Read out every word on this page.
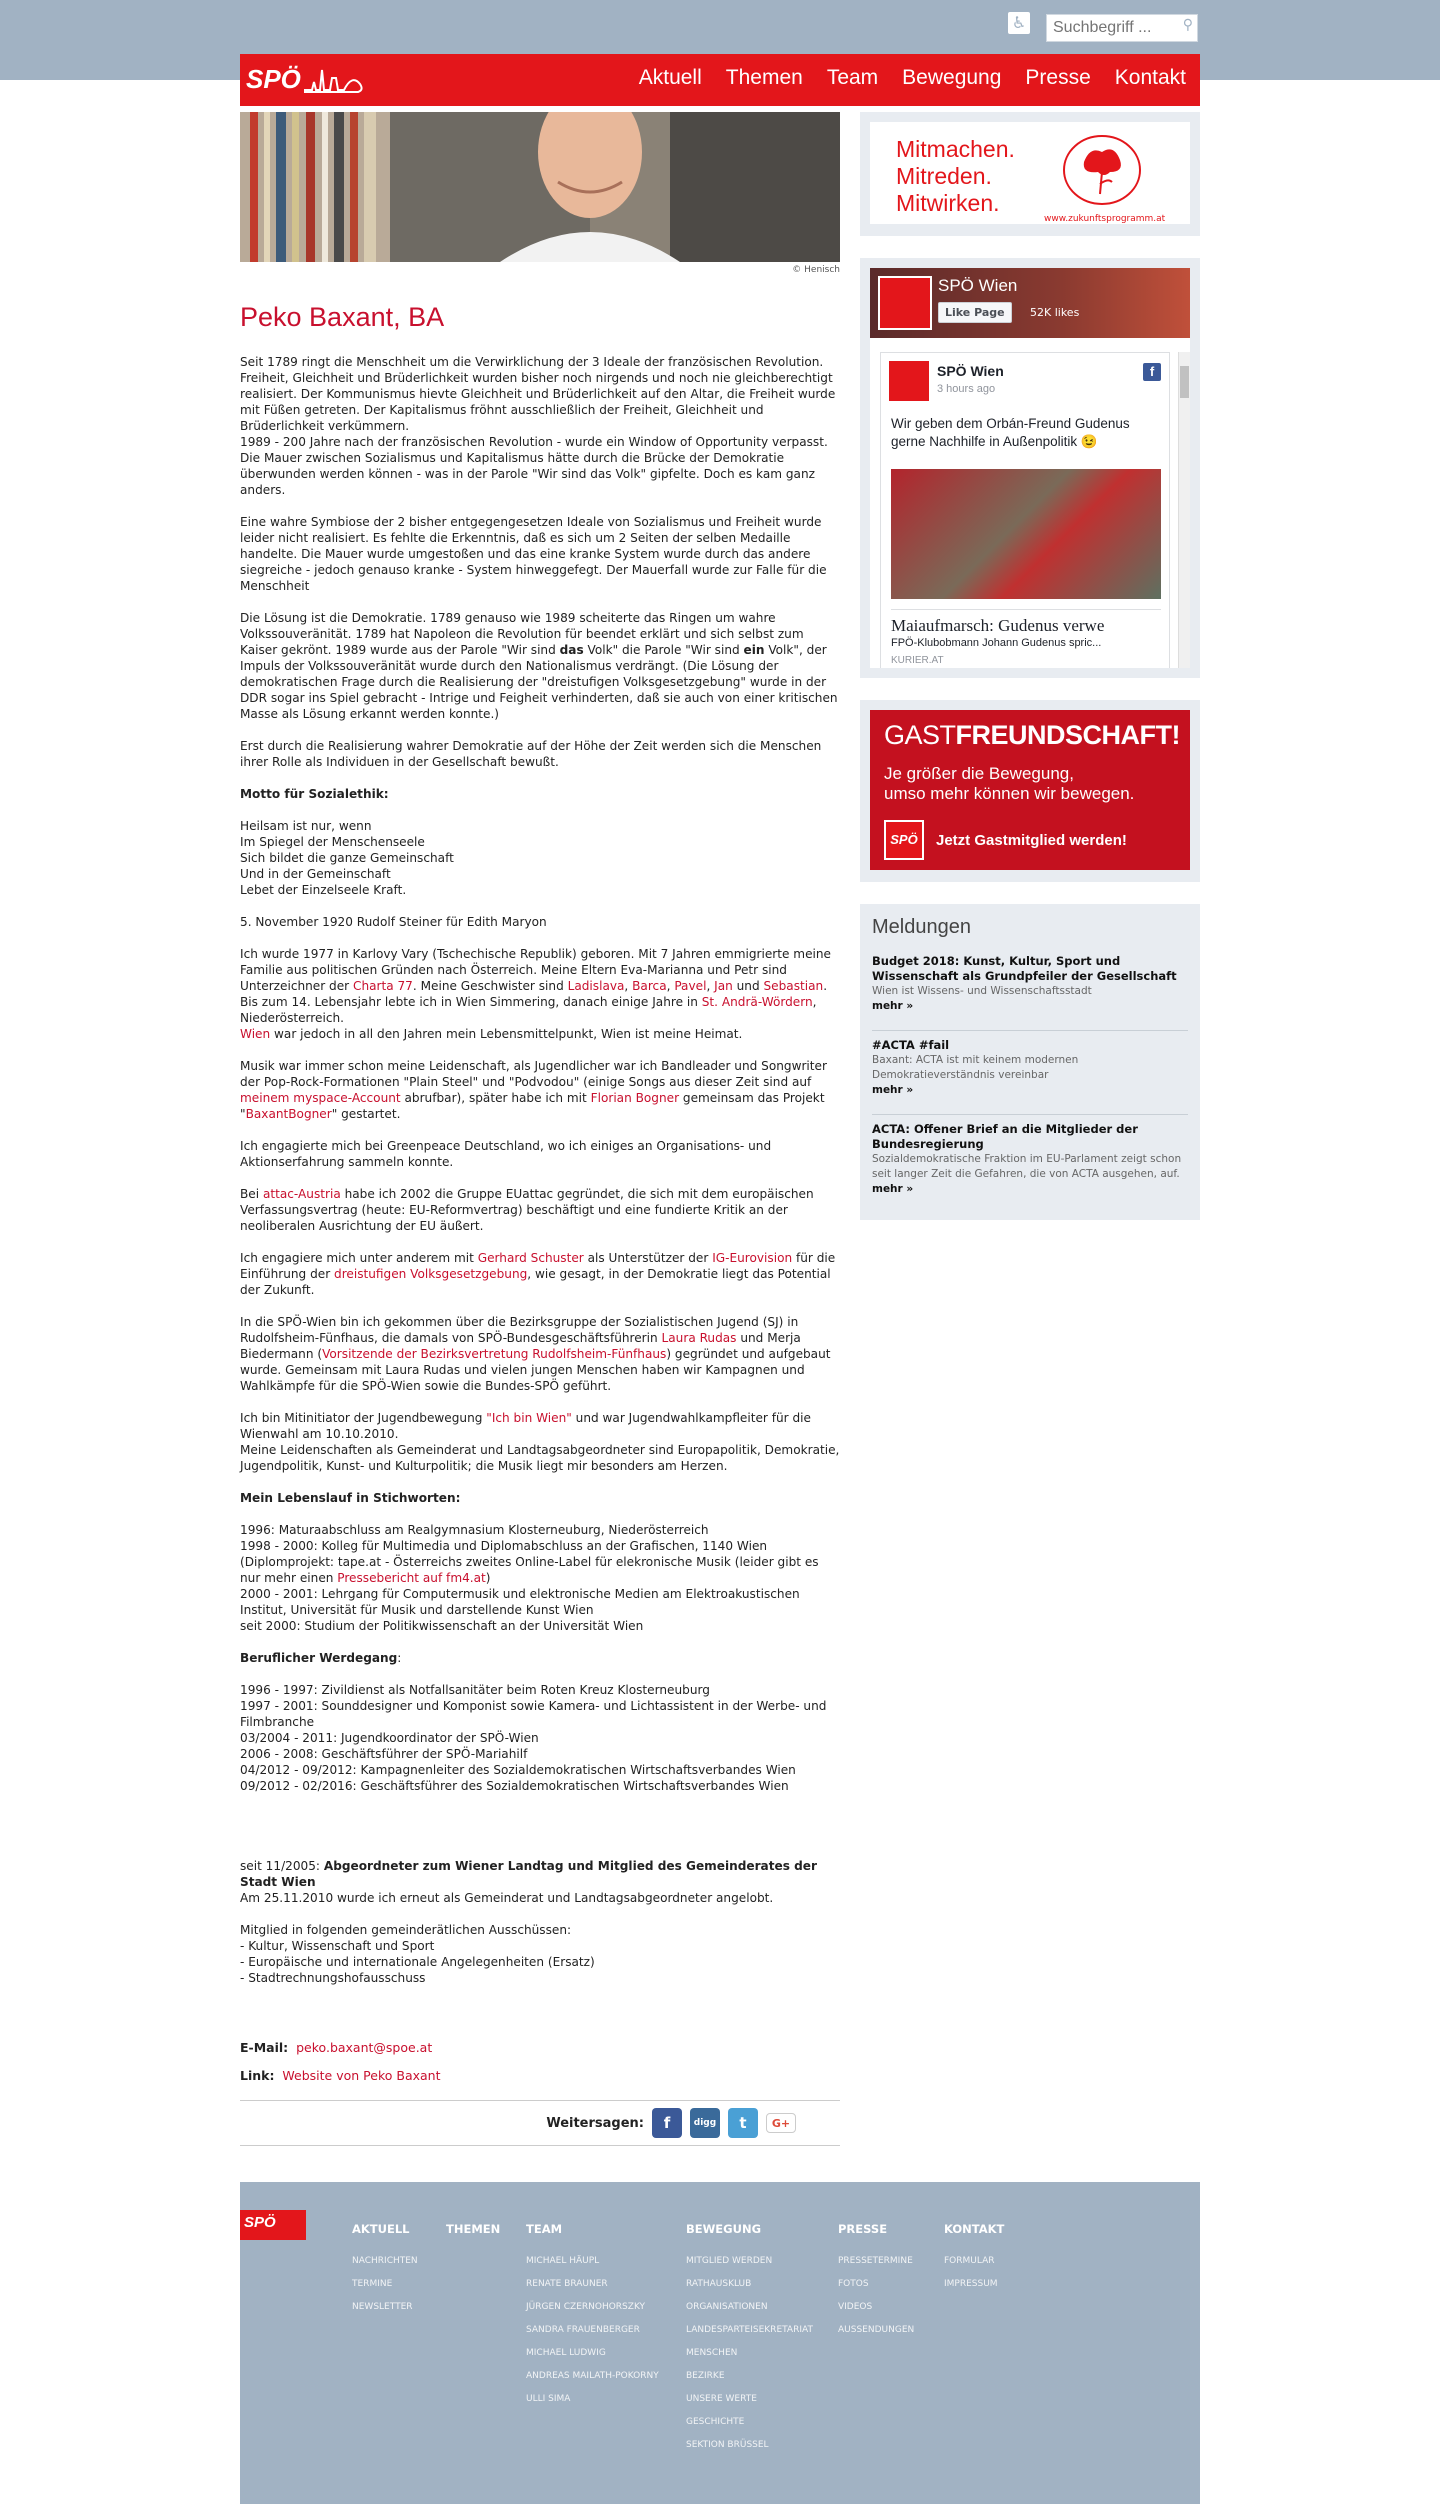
♿
Suchbegriff ...	⚲
SPÖ	Aktuell Themen Team Bewegung Presse Kontakt
© Henisch
Peko Baxant, BA

Seit 1789 ringt die Menschheit um die Verwirklichung der 3 Ideale der französischen Revolution. Freiheit, Gleichheit und Brüderlichkeit wurden bisher noch nirgends und noch nie gleichberechtigt realisiert. Der Kommunismus hievte Gleichheit und Brüderlichkeit auf den Altar, die Freiheit wurde mit Füßen getreten. Der Kapitalismus fröhnt ausschließlich der Freiheit, Gleichheit und Brüderlichkeit verkümmern.
1989 - 200 Jahre nach der französischen Revolution - wurde ein Window of Opportunity verpasst. Die Mauer zwischen Sozialismus und Kapitalismus hätte durch die Brücke der Demokratie überwunden werden können - was in der Parole "Wir sind das Volk" gipfelte. Doch es kam ganz anders.

Eine wahre Symbiose der 2 bisher entgegengesetzen Ideale von Sozialismus und Freiheit wurde leider nicht realisiert. Es fehlte die Erkenntnis, daß es sich um 2 Seiten der selben Medaille handelte. Die Mauer wurde umgestoßen und das eine kranke System wurde durch das andere siegreiche - jedoch genauso kranke - System hinweggefegt. Der Mauerfall wurde zur Falle für die Menschheit

Die Lösung ist die Demokratie. 1789 genauso wie 1989 scheiterte das Ringen um wahre Volkssouveränität. 1789 hat Napoleon die Revolution für beendet erklärt und sich selbst zum Kaiser gekrönt. 1989 wurde aus der Parole "Wir sind das Volk" die Parole "Wir sind ein Volk", der Impuls der Volkssouveränität wurde durch den Nationalismus verdrängt. (Die Lösung der demokratischen Frage durch die Realisierung der "dreistufigen Volksgesetzgebung" wurde in der DDR sogar ins Spiel gebracht - Intrige und Feigheit verhinderten, daß sie auch von einer kritischen Masse als Lösung erkannt werden konnte.)

Erst durch die Realisierung wahrer Demokratie auf der Höhe der Zeit werden sich die Menschen ihrer Rolle als Individuen in der Gesellschaft bewußt.

Motto für Sozialethik:

Heilsam ist nur, wenn
Im Spiegel der Menschenseele
Sich bildet die ganze Gemeinschaft
Und in der Gemeinschaft
Lebet der Einzelseele Kraft.

5. November 1920 Rudolf Steiner für Edith Maryon

Ich wurde 1977 in Karlovy Vary (Tschechische Republik) geboren. Mit 7 Jahren emmigrierte meine Familie aus politischen Gründen nach Österreich. Meine Eltern Eva-Marianna und Petr sind Unterzeichner der Charta 77. Meine Geschwister sind Ladislava, Barca, Pavel, Jan und Sebastian. Bis zum 14. Lebensjahr lebte ich in Wien Simmering, danach einige Jahre in St. Andrä-Wördern, Niederösterreich.
Wien war jedoch in all den Jahren mein Lebensmittelpunkt, Wien ist meine Heimat.

Musik war immer schon meine Leidenschaft, als Jugendlicher war ich Bandleader und Songwriter der Pop-Rock-Formationen "Plain Steel" und "Podvodou" (einige Songs aus dieser Zeit sind auf meinem myspace-Account abrufbar), später habe ich mit Florian Bogner gemeinsam das Projekt "BaxantBogner" gestartet.

Ich engagierte mich bei Greenpeace Deutschland, wo ich einiges an Organisations- und Aktionserfahrung sammeln konnte.

Bei attac-Austria habe ich 2002 die Gruppe EUattac gegründet, die sich mit dem europäischen Verfassungsvertrag (heute: EU-Reformvertrag) beschäftigt und eine fundierte Kritik an der neoliberalen Ausrichtung der EU äußert.

Ich engagiere mich unter anderem mit Gerhard Schuster als Unterstützer der IG-Eurovision für die Einführung der dreistufigen Volksgesetzgebung, wie gesagt, in der Demokratie liegt das Potential der Zukunft.

In die SPÖ-Wien bin ich gekommen über die Bezirksgruppe der Sozialistischen Jugend (SJ) in Rudolfsheim-Fünfhaus, die damals von SPÖ-Bundesgeschäftsführerin Laura Rudas und Merja Biedermann (Vorsitzende der Bezirksvertretung Rudolfsheim-Fünfhaus) gegründet und aufgebaut wurde. Gemeinsam mit Laura Rudas und vielen jungen Menschen haben wir Kampagnen und Wahlkämpfe für die SPÖ-Wien sowie die Bundes-SPÖ geführt.

Ich bin Mitinitiator der Jugendbewegung "Ich bin Wien" und war Jugendwahlkampfleiter für die Wienwahl am 10.10.2010.
Meine Leidenschaften als Gemeinderat und Landtagsabgeordneter sind Europapolitik, Demokratie, Jugendpolitik, Kunst- und Kulturpolitik; die Musik liegt mir besonders am Herzen.

Mein Lebenslauf in Stichworten:

1996: Maturaabschluss am Realgymnasium Klosterneuburg, Niederösterreich
1998 - 2000: Kolleg für Multimedia und Diplomabschluss an der Grafischen, 1140 Wien (Diplomprojekt: tape.at - Österreichs zweites Online-Label für elekronische Musik (leider gibt es nur mehr einen Pressebericht auf fm4.at)
2000 - 2001: Lehrgang für Computermusik und elektronische Medien am Elektroakustischen Institut, Universität für Musik und darstellende Kunst Wien
seit 2000: Studium der Politikwissenschaft an der Universität Wien

Beruflicher Werdegang:

1996 - 1997: Zivildienst als Notfallsanitäter beim Roten Kreuz Klosterneuburg
1997 - 2001: Sounddesigner und Komponist sowie Kamera- und Lichtassistent in der Werbe- und Filmbranche
03/2004 - 2011: Jugendkoordinator der SPÖ-Wien
2006 - 2008: Geschäftsführer der SPÖ-Mariahilf
04/2012 - 09/2012: Kampagnenleiter des Sozialdemokratischen Wirtschaftsverbandes Wien
09/2012 - 02/2016: Geschäftsführer des Sozialdemokratischen Wirtschaftsverbandes Wien

seit 11/2005: Abgeordneter zum Wiener Landtag und Mitglied des Gemeinderates der Stadt Wien
Am 25.11.2010 wurde ich erneut als Gemeinderat und Landtagsabgeordneter angelobt.

Mitglied in folgenden gemeinderätlichen Ausschüssen:
- Kultur, Wissenschaft und Sport
- Europäische und internationale Angelegenheiten (Ersatz)
- Stadtrechnungshofausschuss

E-Mail: peko.baxant@spoe.at
Link: Website von Peko Baxant
Weitersagen:	f	digg	t	G+
Mitmachen.
Mitreden.
Mitwirken.
www.zukunftsprogramm.at
SPÖ Wien
Like Page	52K likes
SPÖ Wien
3 hours ago
f
Wir geben dem Orbán-Freund Gudenus gerne Nachhilfe in Außenpolitik 😉
Maiaufmarsch: Gudenus verwe
FPÖ-Klubobmann Johann Gudenus spric...
KURIER.AT
GASTFREUNDSCHAFT!
Je größer die Bewegung,
umso mehr können wir bewegen.
SPÖ	Jetzt Gastmitglied werden!
Meldungen
Budget 2018: Kunst, Kultur, Sport und Wissenschaft als Grundpfeiler der Gesellschaft
Wien ist Wissens- und Wissenschaftsstadt
mehr »
#ACTA #fail
Baxant: ACTA ist mit keinem modernen Demokratieverständnis vereinbar
mehr »
ACTA: Offener Brief an die Mitglieder der Bundesregierung
Sozialdemokratische Fraktion im EU-Parlament zeigt schon seit langer Zeit die Gefahren, die von ACTA ausgehen, auf.
mehr »
SPÖ	AKTUELL
NACHRICHTEN
TERMINE
NEWSLETTER
THEMEN TEAM
MICHAEL HÄUPL
RENATE BRAUNER
JÜRGEN CZERNOHORSZKY
SANDRA FRAUENBERGER
MICHAEL LUDWIG
ANDREAS MAILATH-POKORNY
ULLI SIMA
BEWEGUNG
MITGLIED WERDEN
RATHAUSKLUB
ORGANISATIONEN
LANDESPARTEISEKRETARIAT
MENSCHEN
BEZIRKE
UNSERE WERTE
GESCHICHTE
SEKTION BRÜSSEL
PRESSE
PRESSETERMINE
FOTOS
VIDEOS
AUSSENDUNGEN
KONTAKT
FORMULAR
IMPRESSUM
